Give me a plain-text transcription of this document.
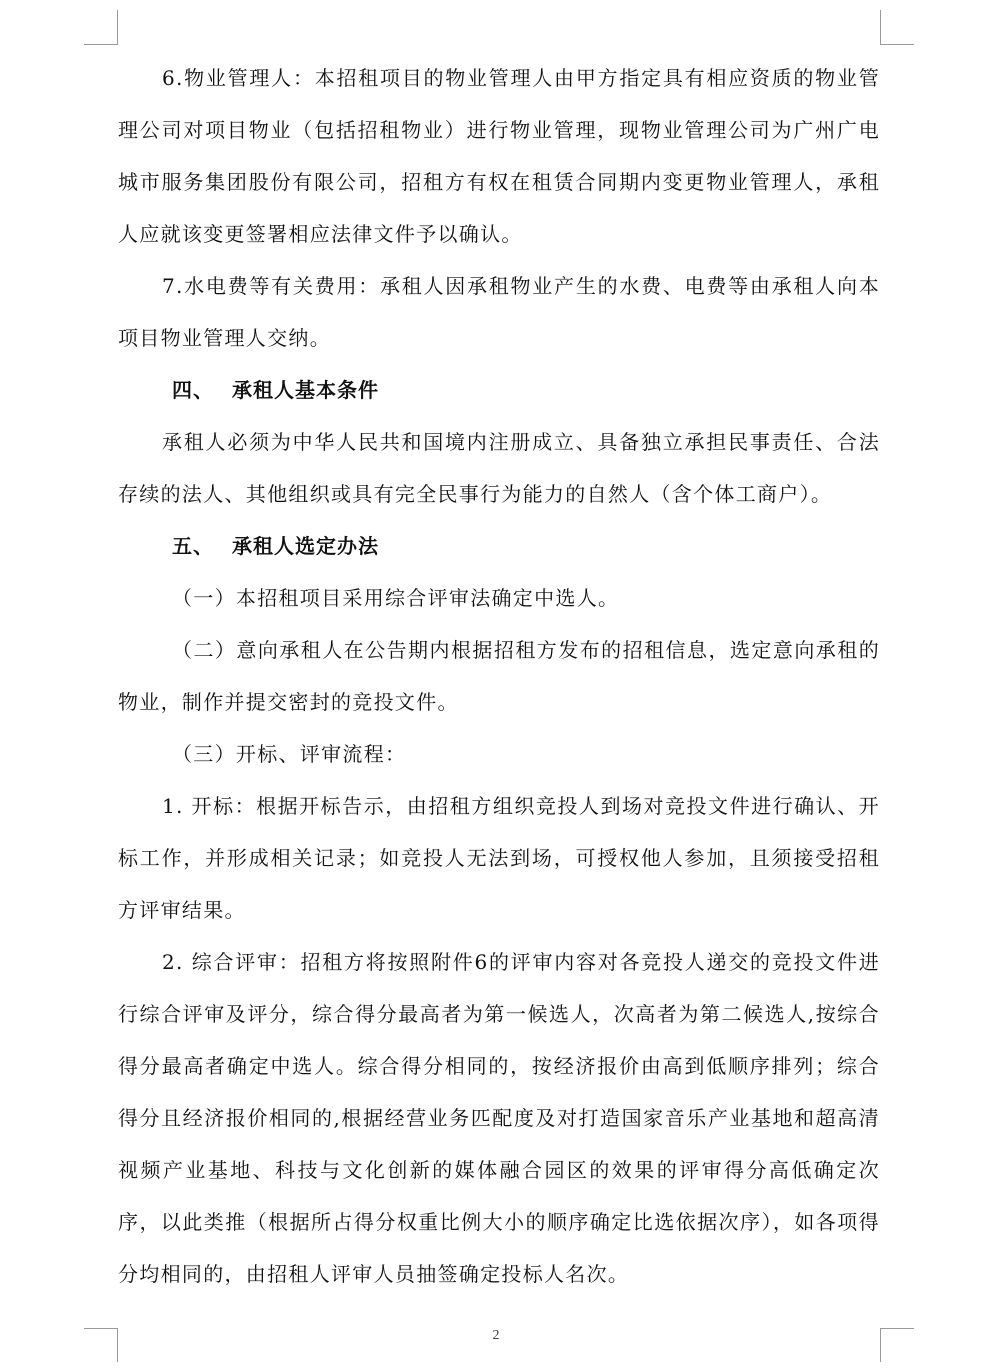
6.物业管理人：本招租项目的物业管理人由甲方指定具有相应资质的物业管理公司对项目物业（包括招租物业）进行物业管理，现物业管理公司为广州广电城市服务集团股份有限公司，招租方有权在租赁合同期内变更物业管理人，承租人应就该变更签署相应法律文件予以确认。

7.水电费等有关费用：承租人因承租物业产生的水费、电费等由承租人向本项目物业管理人交纳。

四、 承租人基本条件

承租人必须为中华人民共和国境内注册成立、具备独立承担民事责任、合法存续的法人、其他组织或具有完全民事行为能力的自然人（含个体工商户）。

五、 承租人选定办法

（一）本招租项目采用综合评审法确定中选人。

（二）意向承租人在公告期内根据招租方发布的招租信息，选定意向承租的物业，制作并提交密封的竞投文件。

（三）开标、评审流程：

1. 开标：根据开标告示，由招租方组织竞投人到场对竞投文件进行确认、开标工作，并形成相关记录；如竞投人无法到场，可授权他人参加，且须接受招租方评审结果。

2. 综合评审：招租方将按照附件6的评审内容对各竞投人递交的竞投文件进行综合评审及评分，综合得分最高者为第一候选人，次高者为第二候选人,按综合得分最高者确定中选人。综合得分相同的，按经济报价由高到低顺序排列；综合得分且经济报价相同的,根据经营业务匹配度及对打造国家音乐产业基地和超高清视频产业基地、科技与文化创新的媒体融合园区的效果的评审得分高低确定次序，以此类推（根据所占得分权重比例大小的顺序确定比选依据次序），如各项得分均相同的，由招租人评审人员抽签确定投标人名次。

2
